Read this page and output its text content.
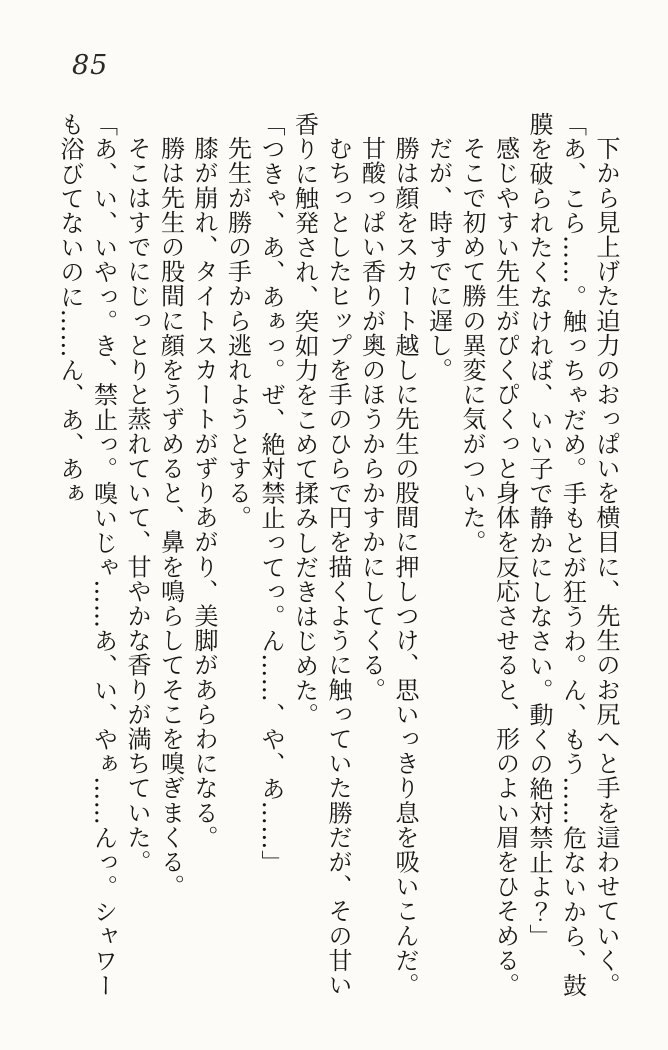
85

下から見上げた迫力のおっぱいを横目に、先生のお尻へと手を這わせていく。

「あ、こら……。触っちゃだめ。手もとが狂うわ。ん、もう……危ないから、鼓膜を破られたくなければ、いい子で静かにしなさい。動くの絶対禁止よ？」

感じやすい先生がぴくぴくっと身体を反応させると、形のよい眉をひそめる。

そこで初めて勝の異変に気がついた。

だが、時すでに遅し。

勝は顔をスカート越しに先生の股間に押しつけ、思いっきり息を吸いこんだ。

甘酸っぱい香りが奥のほうからかすかにしてくる。

むちっとしたヒップを手のひらで円を描くように触っていた勝だが、その甘い香りに触発され、突如力をこめて揉みしだきはじめた。

「つきゃ、あ、あぁっ。ぜ、絶対禁止ってっ。ん……、や、あ……」

先生が勝の手から逃れようとする。

膝が崩れ、タイトスカートがずりあがり、美脚があらわになる。

勝は先生の股間に顔をうずめると、鼻を鳴らしてそこを嗅ぎまくる。

そこはすでにじっとりと蒸れていて、甘やかな香りが満ちていた。

「あ、い、いやっ。き、禁止っ。嗅いじゃ……あ、い、やぁ……んっ。シャワーも浴びてないのに……ん、あ、あぁ
